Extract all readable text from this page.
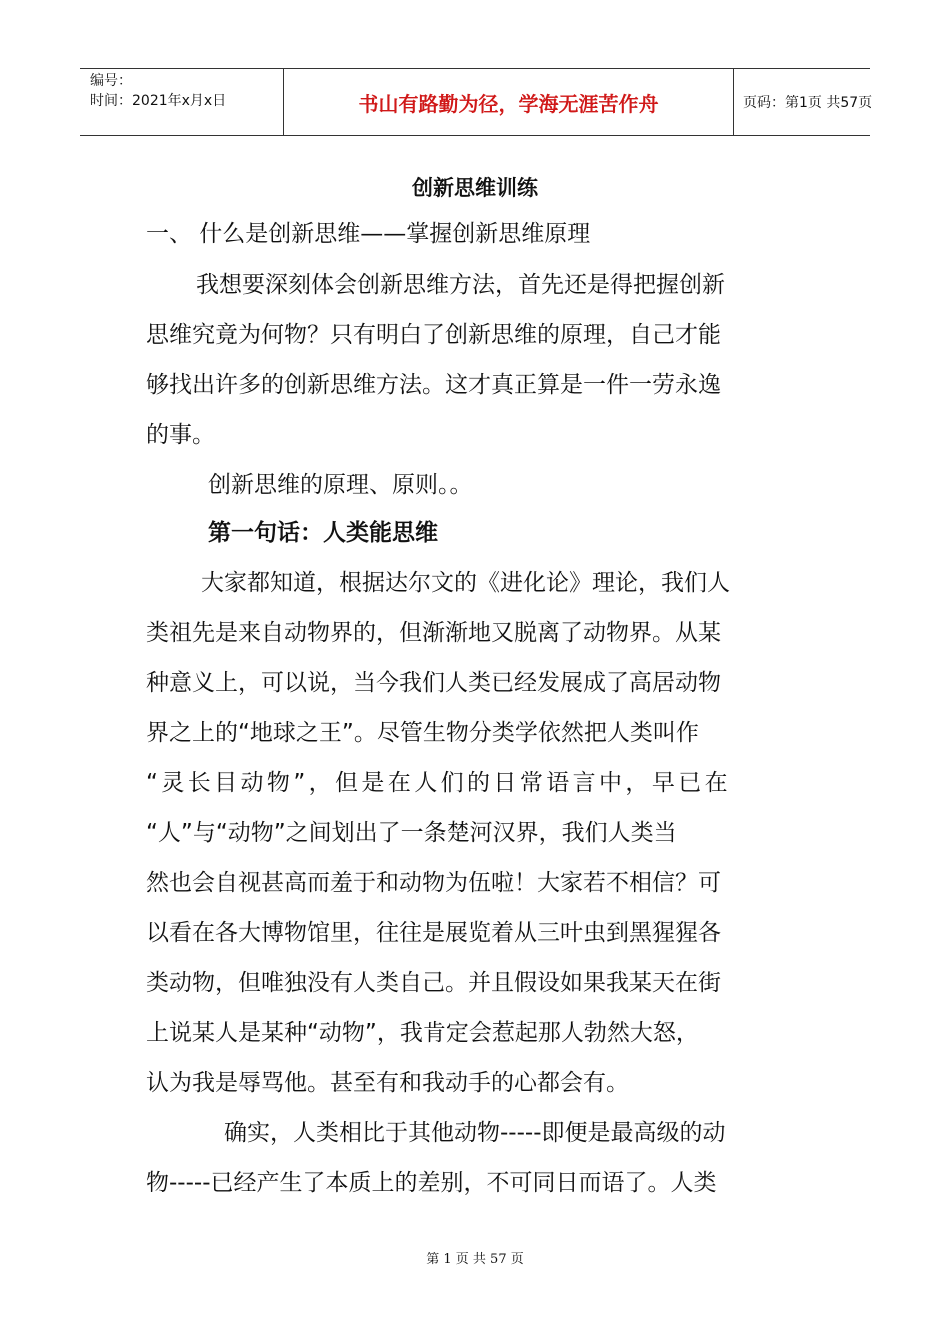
编号：
时间：2021年x月x日	书山有路勤为径，学海无涯苦作舟	页码：第1页 共57页
创新思维训练
一、 什么是创新思维——掌握创新思维原理
我想要深刻体会创新思维方法，首先还是得把握创新
思维究竟为何物？只有明白了创新思维的原理，自己才能
够找出许多的创新思维方法。这才真正算是一件一劳永逸
的事。
创新思维的原理、原则。。
第一句话：人类能思维
大家都知道，根据达尔文的《进化论》理论，我们人
类祖先是来自动物界的，但渐渐地又脱离了动物界。从某
种意义上，可以说，当今我们人类已经发展成了高居动物
界之上的“地球之王”。尽管生物分类学依然把人类叫作
“灵长目动物”，但是在人们的日常语言中，早已在
“人”与“动物”之间划出了一条楚河汉界，我们人类当
然也会自视甚高而羞于和动物为伍啦！大家若不相信？可
以看在各大博物馆里，往往是展览着从三叶虫到黑猩猩各
类动物，但唯独没有人类自己。并且假设如果我某天在街
上说某人是某种“动物”，我肯定会惹起那人勃然大怒，
认为我是辱骂他。甚至有和我动手的心都会有。
确实，人类相比于其他动物-----即便是最高级的动
物-----已经产生了本质上的差别，不可同日而语了。人类
第 1 页 共 57 页
